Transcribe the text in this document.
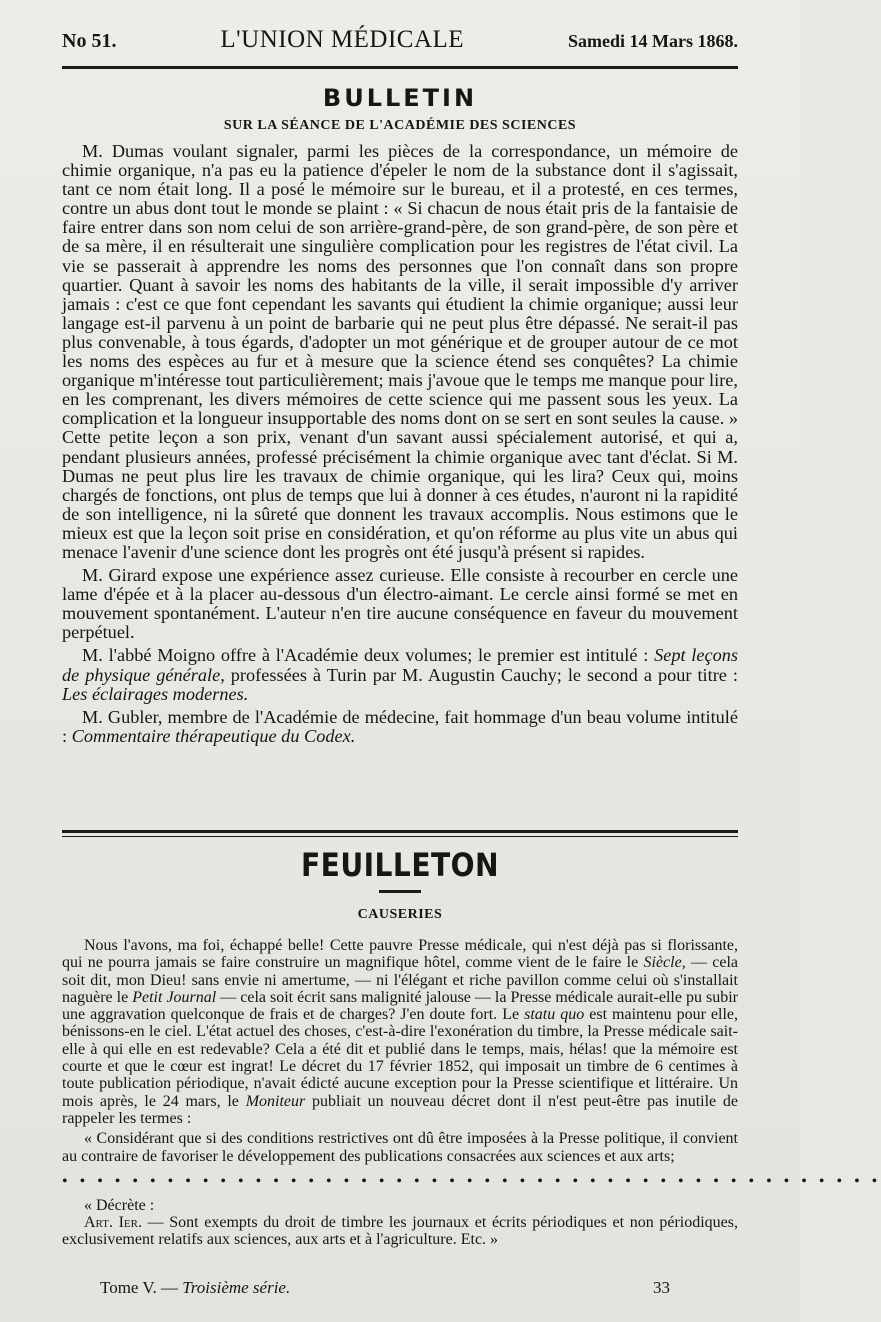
No 51.	L'UNION MÉDICALE	Samedi 14 Mars 1868.
BULLETIN
SUR LA SÉANCE DE L'ACADÉMIE DES SCIENCES

M. Dumas voulant signaler, parmi les pièces de la correspondance, un mémoire de chimie organique, n'a pas eu la patience d'épeler le nom de la substance dont il s'agissait, tant ce nom était long. Il a posé le mémoire sur le bureau, et il a protesté, en ces termes, contre un abus dont tout le monde se plaint : « Si chacun de nous était pris de la fantaisie de faire entrer dans son nom celui de son arrière-grand-père, de son grand-père, de son père et de sa mère, il en résulterait une singulière complication pour les registres de l'état civil. La vie se passerait à apprendre les noms des personnes que l'on connaît dans son propre quartier. Quant à savoir les noms des habitants de la ville, il serait impossible d'y arriver jamais : c'est ce que font cependant les savants qui étudient la chimie organique; aussi leur langage est-il parvenu à un point de barbarie qui ne peut plus être dépassé. Ne serait-il pas plus convenable, à tous égards, d'adopter un mot générique et de grouper autour de ce mot les noms des espèces au fur et à mesure que la science étend ses conquêtes? La chimie organique m'intéresse tout particulièrement; mais j'avoue que le temps me manque pour lire, en les comprenant, les divers mémoires de cette science qui me passent sous les yeux. La complication et la longueur insupportable des noms dont on se sert en sont seules la cause. » Cette petite leçon a son prix, venant d'un savant aussi spécialement autorisé, et qui a, pendant plusieurs années, professé précisément la chimie organique avec tant d'éclat. Si M. Dumas ne peut plus lire les travaux de chimie organique, qui les lira? Ceux qui, moins chargés de fonctions, ont plus de temps que lui à donner à ces études, n'auront ni la rapidité de son intelligence, ni la sûreté que donnent les travaux accomplis. Nous estimons que le mieux est que la leçon soit prise en considération, et qu'on réforme au plus vite un abus qui menace l'avenir d'une science dont les progrès ont été jusqu'à présent si rapides.

M. Girard expose une expérience assez curieuse. Elle consiste à recourber en cercle une lame d'épée et à la placer au-dessous d'un électro-aimant. Le cercle ainsi formé se met en mouvement spontanément. L'auteur n'en tire aucune conséquence en faveur du mouvement perpétuel.

M. l'abbé Moigno offre à l'Académie deux volumes; le premier est intitulé : Sept leçons de physique générale, professées à Turin par M. Augustin Cauchy; le second a pour titre : Les éclairages modernes.

M. Gubler, membre de l'Académie de médecine, fait hommage d'un beau volume intitulé : Commentaire thérapeutique du Codex.

FEUILLETON
CAUSERIES

Nous l'avons, ma foi, échappé belle! Cette pauvre Presse médicale, qui n'est déjà pas si florissante, qui ne pourra jamais se faire construire un magnifique hôtel, comme vient de le faire le Siècle, — cela soit dit, mon Dieu! sans envie ni amertume, — ni l'élégant et riche pavillon comme celui où s'installait naguère le Petit Journal — cela soit écrit sans malignité jalouse — la Presse médicale aurait-elle pu subir une aggravation quelconque de frais et de charges? J'en doute fort. Le statu quo est maintenu pour elle, bénissons-en le ciel. L'état actuel des choses, c'est-à-dire l'exonération du timbre, la Presse médicale sait-elle à qui elle en est redevable? Cela a été dit et publié dans le temps, mais, hélas! que la mémoire est courte et que le cœur est ingrat! Le décret du 17 février 1852, qui imposait un timbre de 6 centimes à toute publication périodique, n'avait édicté aucune exception pour la Presse scientifique et littéraire. Un mois après, le 24 mars, le Moniteur publiait un nouveau décret dont il n'est peut-être pas inutile de rappeler les termes :

« Considérant que si des conditions restrictives ont dû être imposées à la Presse politique, il convient au contraire de favoriser le développement des publications consacrées aux sciences et aux arts;

• • • • • • • • • • • • • • • • • • • • • • • • • • • • • • • • • • • • • • • • • • • • • • •

« Décrète :

Art. Ier. — Sont exempts du droit de timbre les journaux et écrits périodiques et non périodiques, exclusivement relatifs aux sciences, aux arts et à l'agriculture. Etc. »

Tome V. — Troisième série.	33
